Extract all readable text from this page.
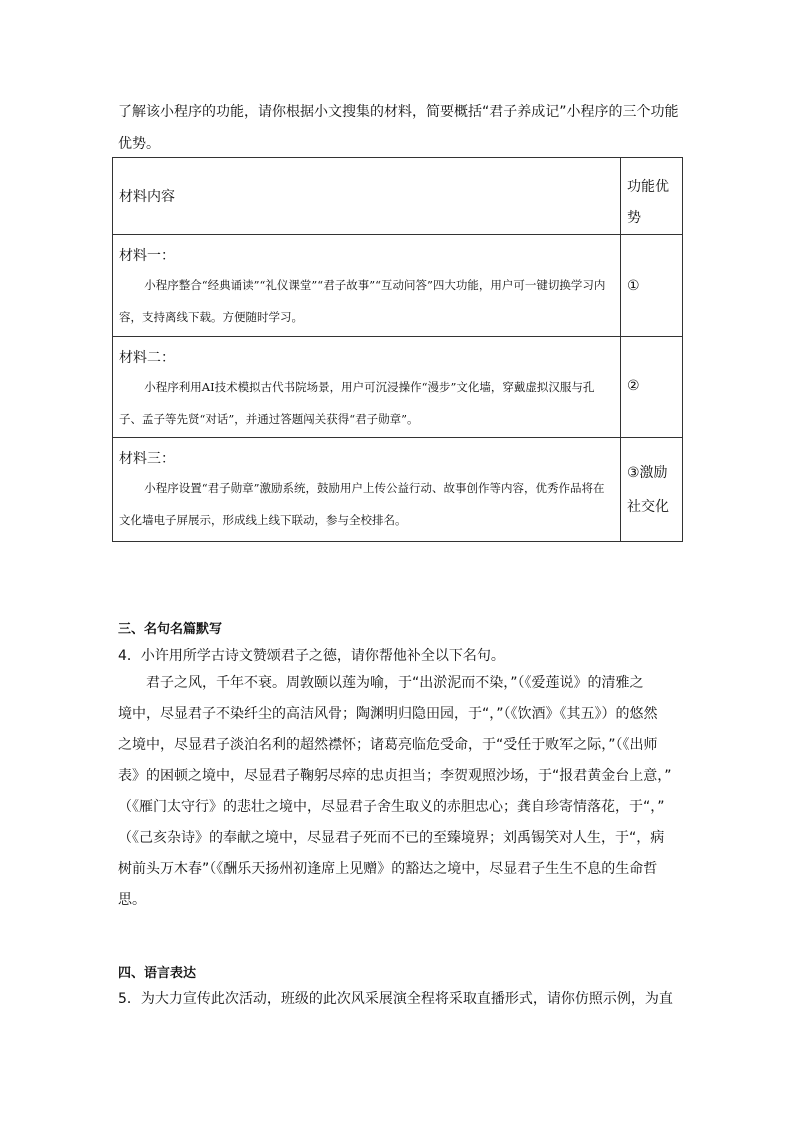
了解该小程序的功能，请你根据小文搜集的材料，简要概括“君子养成记”小程序的三个功能
优势。
材料内容	功能优
势

材料一：
小程序整合“经典诵读”“礼仪课堂”“君子故事”“互动问答”四大功能，用户可一键切换学习内容，支持离线下载。方便随时学习。	①

材料二：
小程序利用AI技术模拟古代书院场景，用户可沉浸操作“漫步”文化墙，穿戴虚拟汉服与孔子、孟子等先贤“对话”，并通过答题闯关获得“君子勋章”。	②

材料三：
小程序设置“君子勋章”激励系统，鼓励用户上传公益行动、故事创作等内容，优秀作品将在文化墙电子屏展示，形成线上线下联动，参与全校排名。	③激励
社交化
三、名句名篇默写
4．小许用所学古诗文赞颂君子之德，请你帮他补全以下名句。
君子之风，千年不衰。周敦颐以莲为喻，于“出淤泥而不染，”（《爱莲说》的清雅之
境中，尽显君子不染纤尘的高洁风骨；陶渊明归隐田园，于“，”（《饮酒》《其五》）的悠然
之境中，尽显君子淡泊名利的超然襟怀；诸葛亮临危受命，于“受任于败军之际，”（《出师
表》的困顿之境中，尽显君子鞠躬尽瘁的忠贞担当；李贺观照沙场，于“报君黄金台上意，”
（《雁门太守行》的悲壮之境中，尽显君子舍生取义的赤胆忠心；龚自珍寄情落花，于“，”
（《己亥杂诗》的奉献之境中，尽显君子死而不已的至臻境界；刘禹锡笑对人生，于“，病
树前头万木春”（《酬乐天扬州初逢席上见赠》的豁达之境中，尽显君子生生不息的生命哲
思。
四、语言表达
5．为大力宣传此次活动，班级的此次风采展演全程将采取直播形式，请你仿照示例，为直
